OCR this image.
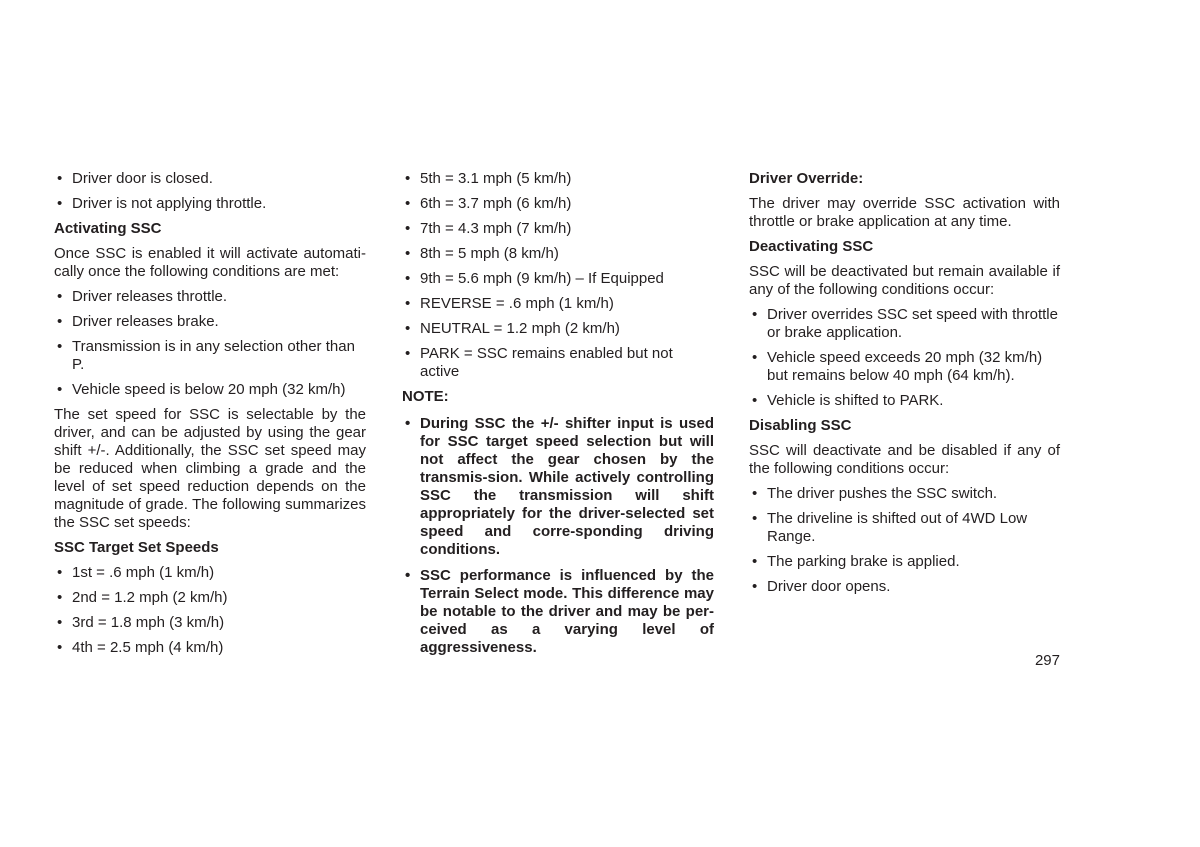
• Driver door is closed.
• Driver is not applying throttle.
Activating SSC
Once SSC is enabled it will activate automati-cally once the following conditions are met:
• Driver releases throttle.
• Driver releases brake.
• Transmission is in any selection other than P.
• Vehicle speed is below 20 mph (32 km/h)
The set speed for SSC is selectable by the driver, and can be adjusted by using the gear shift +/-. Additionally, the SSC set speed may be reduced when climbing a grade and the level of set speed reduction depends on the magnitude of grade. The following summarizes the SSC set speeds:
SSC Target Set Speeds
• 1st = .6 mph (1 km/h)
• 2nd = 1.2 mph (2 km/h)
• 3rd = 1.8 mph (3 km/h)
• 4th = 2.5 mph (4 km/h)
• 5th = 3.1 mph (5 km/h)
• 6th = 3.7 mph (6 km/h)
• 7th = 4.3 mph (7 km/h)
• 8th = 5 mph (8 km/h)
• 9th = 5.6 mph (9 km/h) – If Equipped
• REVERSE = .6 mph (1 km/h)
• NEUTRAL = 1.2 mph (2 km/h)
• PARK = SSC remains enabled but not active
NOTE:
• During SSC the +/- shifter input is used for SSC target speed selection but will not affect the gear chosen by the transmis-sion. While actively controlling SSC the transmission will shift appropriately for the driver-selected set speed and corre-sponding driving conditions.
• SSC performance is influenced by the Terrain Select mode. This difference may be notable to the driver and may be per-ceived as a varying level of aggressiveness.
Driver Override:
The driver may override SSC activation with throttle or brake application at any time.
Deactivating SSC
SSC will be deactivated but remain available if any of the following conditions occur:
• Driver overrides SSC set speed with throttle or brake application.
• Vehicle speed exceeds 20 mph (32 km/h) but remains below 40 mph (64 km/h).
• Vehicle is shifted to PARK.
Disabling SSC
SSC will deactivate and be disabled if any of the following conditions occur:
• The driver pushes the SSC switch.
• The driveline is shifted out of 4WD Low Range.
• The parking brake is applied.
• Driver door opens.
297
